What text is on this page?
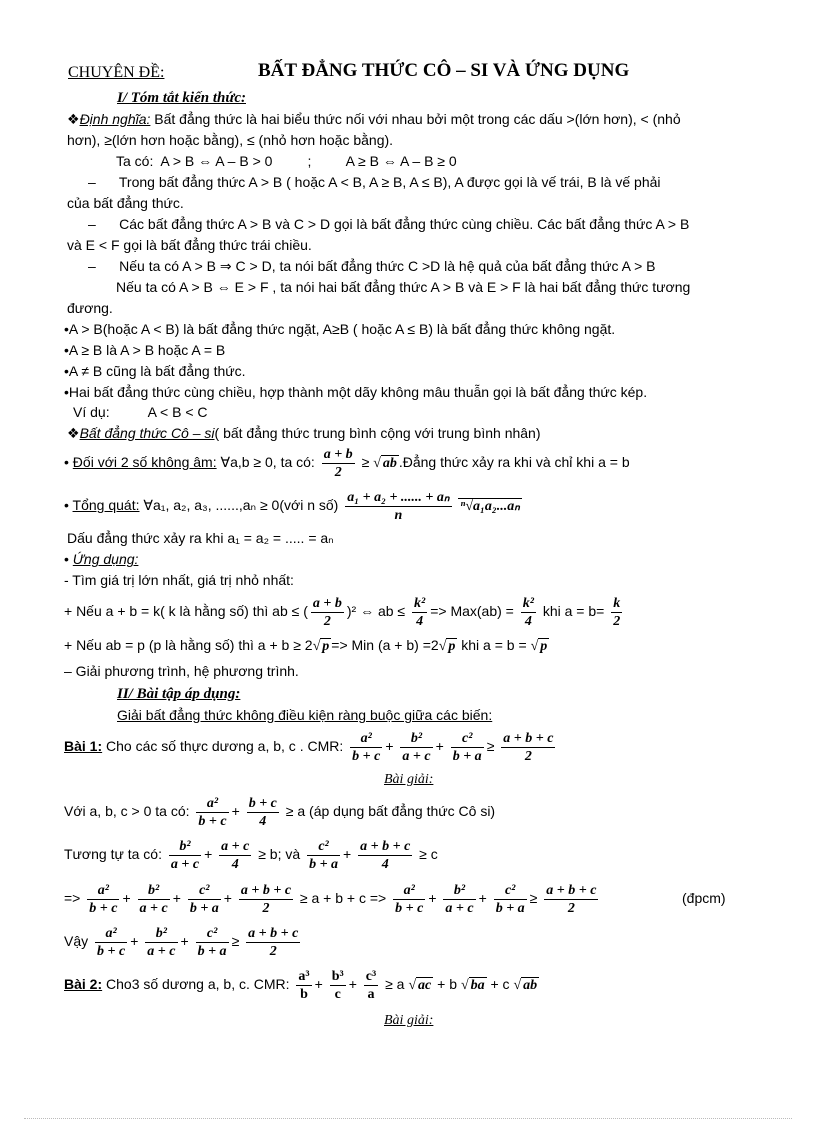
CHUYÊN ĐỀ:	BẤT ĐẲNG THỨC CÔ – SI VÀ ỨNG DỤNG
I/ Tóm tắt kiến thức:
❖Định nghĩa: Bất đẳng thức là hai biểu thức nối với nhau bởi một trong các dấu >(lớn hơn), < (nhỏ
hơn), ≥(lớn hơn hoặc bằng), ≤ (nhỏ hơn hoặc bằng).
Ta có:  A > B ⇔ A – B > 0         ;         A ≥ B ⇔ A – B ≥ 0
–      Trong bất đẳng thức A > B ( hoặc A < B, A ≥ B, A ≤ B), A được gọi là vế trái, B là vế phải
của bất đẳng thức.
–      Các bất đẳng thức A > B và C > D gọi là bất đẳng thức cùng chiều. Các bất đẳng thức A > B
và E < F gọi là bất đẳng thức trái chiều.
–      Nếu ta có A > B ⇒ C > D, ta nói bất đẳng thức C >D là hệ quả của bất đẳng thức A > B
Nếu ta có A > B ⇔ E > F , ta nói hai bất đẳng thức A > B và E > F là hai bất đẳng thức tương
đương.
•A > B(hoặc A < B) là bất đẳng thức ngặt, A≥B ( hoặc A ≤ B) là bất đẳng thức không ngặt.
•A ≥ B là A > B hoặc A = B
•A ≠ B cũng là bất đẳng thức.
•Hai bất đẳng thức cùng chiều, hợp thành một dãy không mâu thuẫn gọi là bất đẳng thức kép.
Ví dụ:	A < B < C
❖Bất đẳng thức Cô – si( bất đẳng thức trung bình cộng với trung bình nhân)
• Đối với 2 số không âm: ∀a,b ≥ 0, ta có: $\frac{a + b}{2}$ ≥ √ ab .Đẳng thức xảy ra khi và chỉ khi a = b
• Tổng quát: ∀a₁, a₂, a₃, ......,aₙ ≥ 0(với n số) $\frac{\text{a₁ + a₂ + ...... + aₙ}}{n} ^n√a_1a_2...a_n$
Dấu đẳng thức xảy ra khi a₁ = a₂ = ..... = aₙ
• Ứng dụng:
- Tìm giá trị lớn nhất, giá trị nhỏ nhất:
+ Nếu a + b = k( k là hằng số) thì ab ≤ ( $\frac{a + b}{2} )^2$ ⇔ ab ≤ $\frac{\text{k²}}{4} => Max(ab) = \frac{\text{k²}}{4}$ khi $a = b= \frac{k}{2}$
+ Nếu ab = p (p là hằng số) thì a + b ≥ 2√ p => Min (a + b) =2√ p khi a = b = √ p
– Giải phương trình, hệ phương trình.
II/ Bài tập áp dụng:
Giải bất đẳng thức không điều kiện ràng buộc giữa các biến:
Bài 1: Cho các số thực dương a, b, c . CMR: $\frac{\text{a²}}{b + c} + \frac{\text{b²}}{a + c} + \frac{\text{c²}}{b + a} \ge \frac{a + b + c}{2}$
Bài giải:
Với a, b, c > 0 ta có: $\frac{\text{a²}}{b + c} + \frac{b + c}{4} \ge a$ (áp dụng bất đẳng thức Cô si)
Tương tự ta có: $\frac{\text{b²}}{a + c} + \frac{a + c}{4} \ge b$; và $\frac{\text{c²}}{b + a} + \frac{a + b + c}{4} \ge c$
=> $\frac{\text{a²}}{b + c} + \frac{\text{b²}}{a + c} + \frac{\text{c²}}{b + a} + \frac{a + b + c}{2} \ge a + b + c => \frac{\text{a²}}{b + c} + \frac{\text{b²}}{a + c} + \frac{\text{c²}}{b + a} \ge \frac{a + b + c}{2}$	(đpcm)
Vậy $\frac{\text{a²}}{b + c} + \frac{\text{b²}}{a + c} + \frac{\text{c²}}{b + a} \ge \frac{a + b + c}{2}$
Bài 2: Cho3 số dương a, b, c. CMR: $\frac{\text{a³}}{b} + \frac{\text{b³}}{c} + \frac{\text{c³}}{a} \ge a$ √ ac + b √ ba + c √ ab
Bài giải:
